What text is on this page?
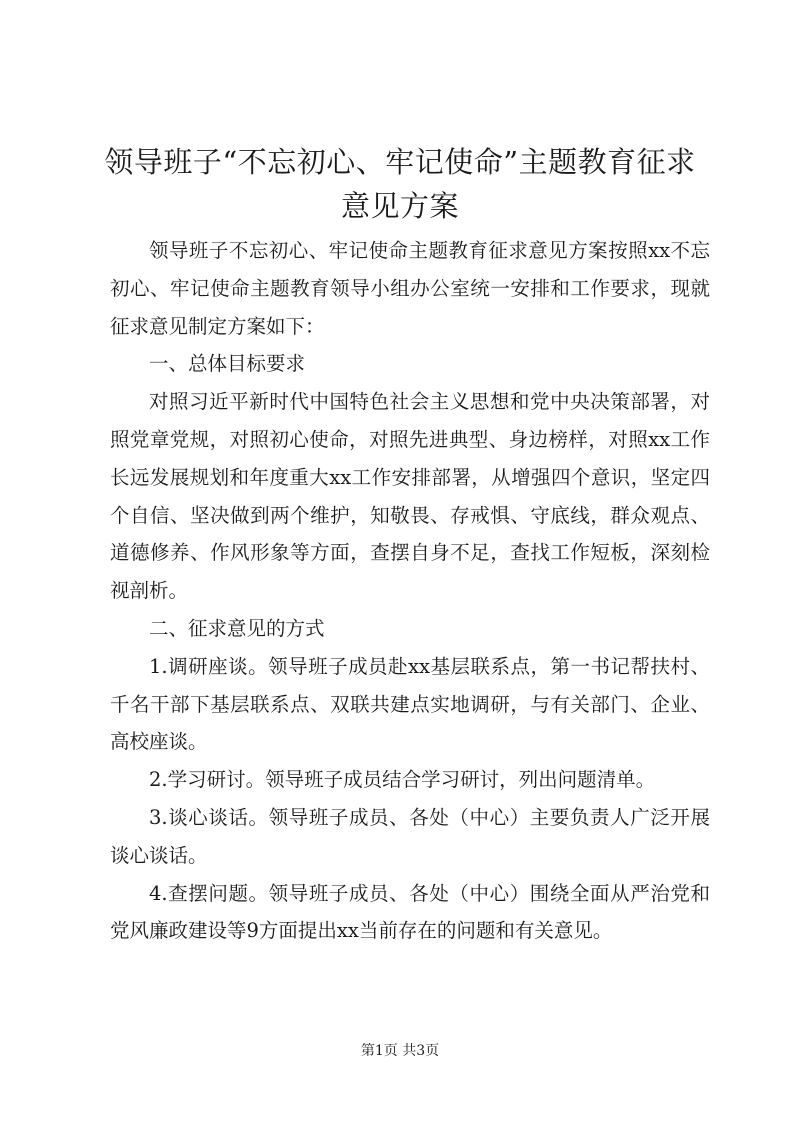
领导班子“不忘初心、牢记使命”主题教育征求意见方案

领导班子不忘初心、牢记使命主题教育征求意见方案按照xx不忘初心、牢记使命主题教育领导小组办公室统一安排和工作要求，现就征求意见制定方案如下：

一、总体目标要求

对照习近平新时代中国特色社会主义思想和党中央决策部署，对照党章党规，对照初心使命，对照先进典型、身边榜样，对照xx工作长远发展规划和年度重大xx工作安排部署，从增强四个意识，坚定四个自信、坚决做到两个维护，知敬畏、存戒惧、守底线，群众观点、道德修养、作风形象等方面，查摆自身不足，查找工作短板，深刻检视剖析。

二、征求意见的方式

1.调研座谈。领导班子成员赴xx基层联系点，第一书记帮扶村、千名干部下基层联系点、双联共建点实地调研，与有关部门、企业、高校座谈。

2.学习研讨。领导班子成员结合学习研讨，列出问题清单。

3.谈心谈话。领导班子成员、各处（中心）主要负责人广泛开展谈心谈话。

4.查摆问题。领导班子成员、各处（中心）围绕全面从严治党和党风廉政建设等9方面提出xx当前存在的问题和有关意见。

第1页 共3页
